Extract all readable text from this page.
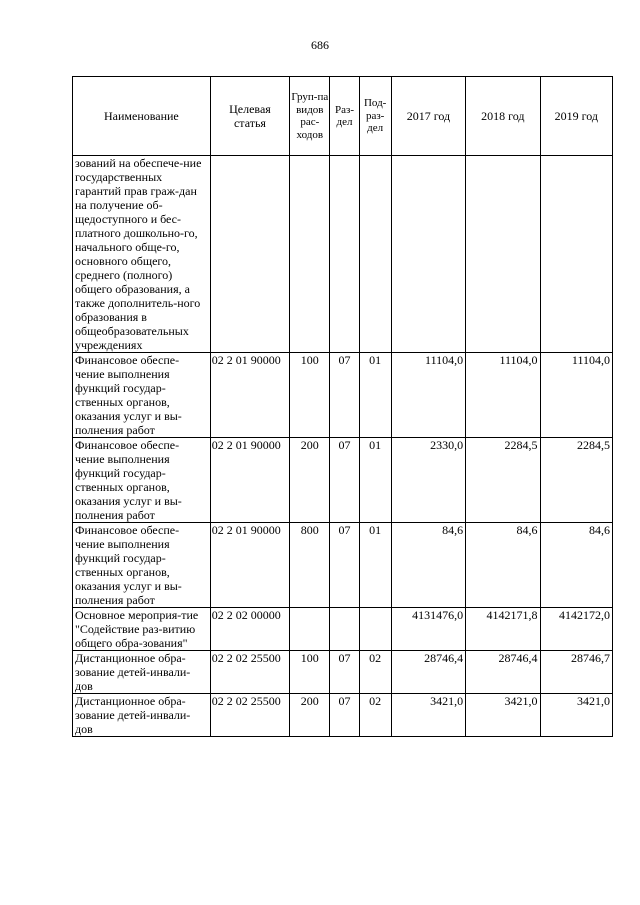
686
Наименование	Целевая статья	Груп-па видов рас-ходов	Раз-дел	Под-раз-дел	2017 год	2018 год	2019 год
зований на обеспече-ние государственных гарантий прав граж-дан на получение об-щедоступного и бес-платного дошкольно-го, начального обще-го, основного общего, среднего (полного) общего образования, а также дополнитель-ного образования в общеобразовательных учреждениях							
Финансовое обеспе-чение выполнения функций государ-ственных органов, оказания услуг и вы-полнения работ	02 2 01 90000	100	07	01	11104,0	11104,0	11104,0
Финансовое обеспе-чение выполнения функций государ-ственных органов, оказания услуг и вы-полнения работ	02 2 01 90000	200	07	01	2330,0	2284,5	2284,5
Финансовое обеспе-чение выполнения функций государ-ственных органов, оказания услуг и вы-полнения работ	02 2 01 90000	800	07	01	84,6	84,6	84,6
Основное мероприя-тие "Содействие раз-витию общего обра-зования"	02 2 02 00000				4131476,0	4142171,8	4142172,0
Дистанционное обра-зование детей-инвали-дов	02 2 02 25500	100	07	02	28746,4	28746,4	28746,7
Дистанционное обра-зование детей-инвали-дов	02 2 02 25500	200	07	02	3421,0	3421,0	3421,0
